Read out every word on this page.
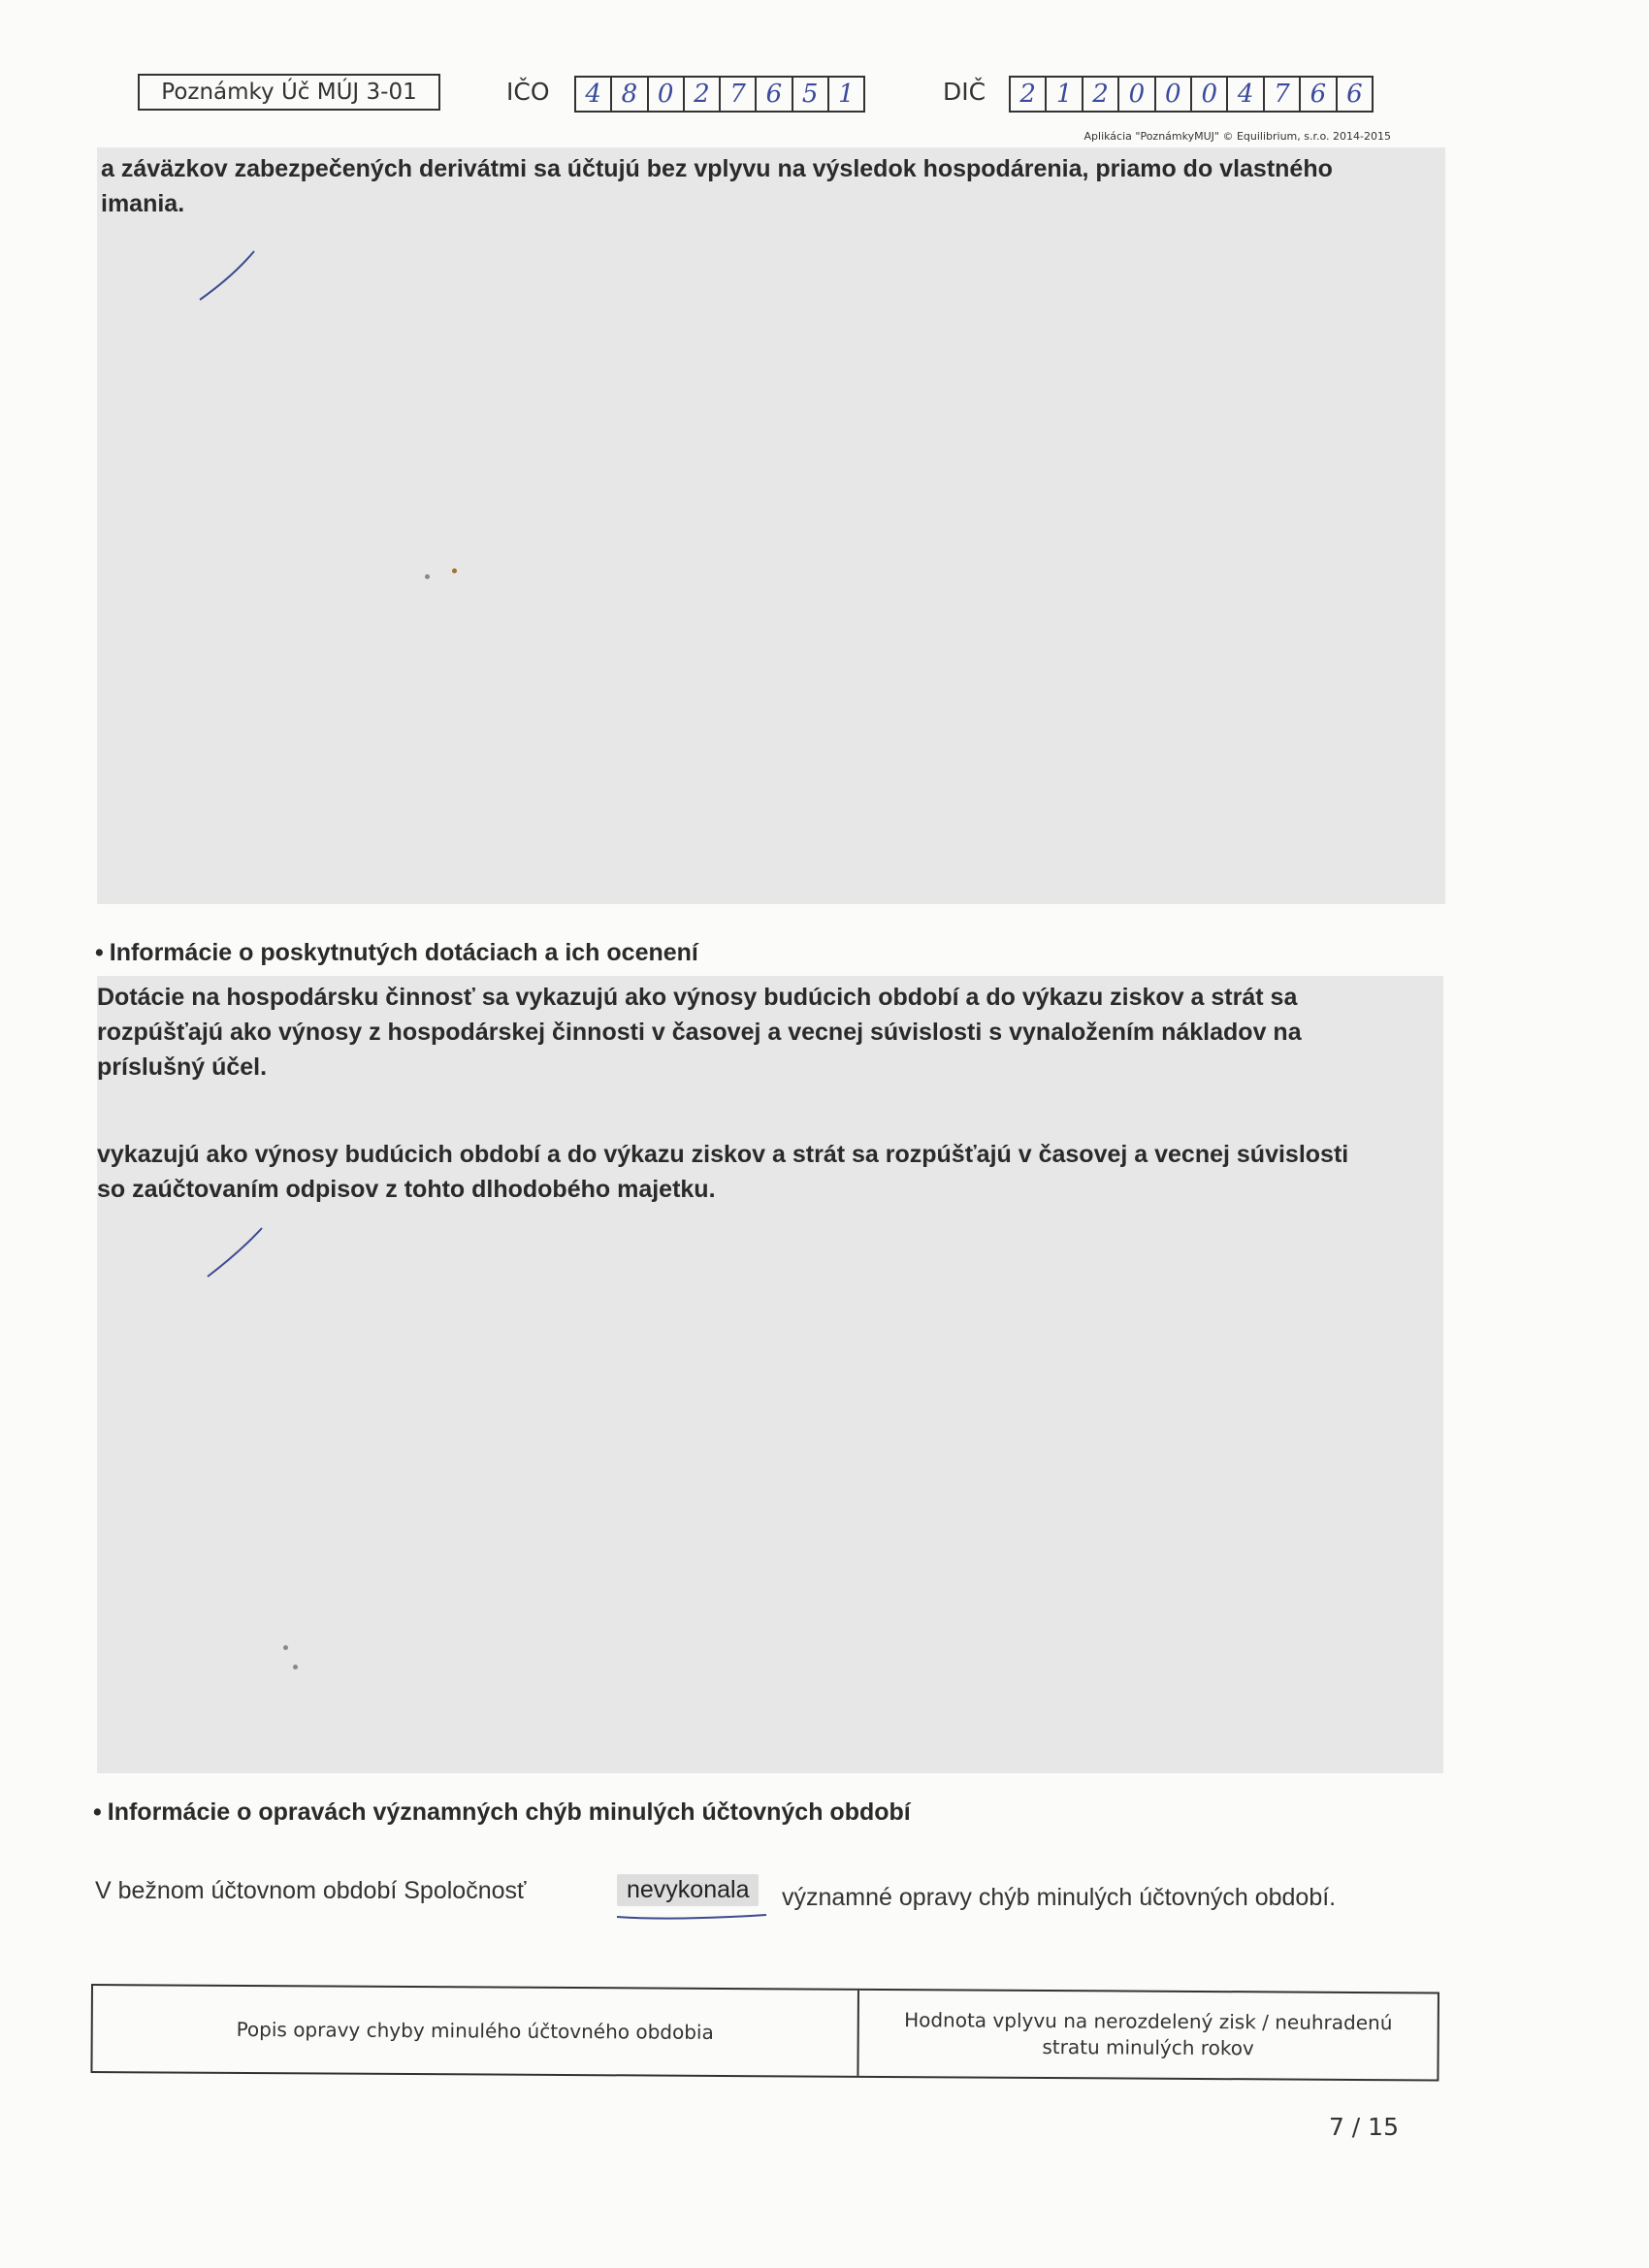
Poznámky Úč MÚJ 3-01	IČO	4 8 0 2 7 6 5 1	DIČ	2 1 2 0 0 0 4 7 6 6
Aplikácia "PoznámkyMUJ" © Equilibrium, s.r.o. 2014-2015
a záväzkov zabezpečených derivátmi sa účtujú bez vplyvu na výsledok hospodárenia, priamo do vlastného
imania.
• Informácie o poskytnutých dotáciach a ich ocenení
Dotácie na hospodársku činnosť sa vykazujú ako výnosy budúcich období a do výkazu ziskov a strát sa
rozpúšťajú ako výnosy z hospodárskej činnosti v časovej a vecnej súvislosti s vynaložením nákladov na
príslušný účel.
vykazujú ako výnosy budúcich období a do výkazu ziskov a strát sa rozpúšťajú v časovej a vecnej súvislosti
so zaúčtovaním odpisov z tohto dlhodobého majetku.
• Informácie o opravách významných chýb minulých účtovných období
V bežnom účtovnom období Spoločnosť	nevykonala	významné opravy chýb minulých účtovných období.
Popis opravy chyby minulého účtovného obdobia	Hodnota vplyvu na nerozdelený zisk / neuhradenú stratu minulých rokov
7 / 15
